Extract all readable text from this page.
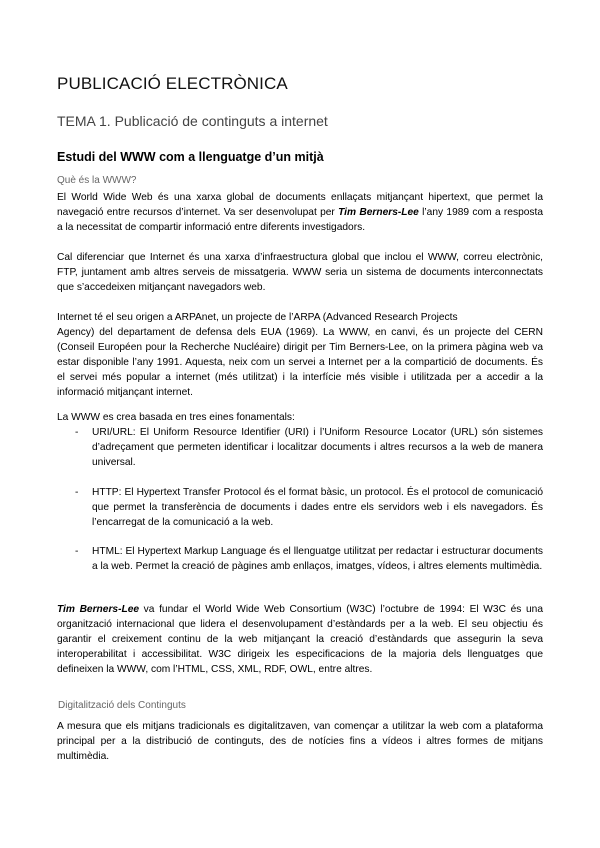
PUBLICACIÓ ELECTRÒNICA
TEMA 1. Publicació de continguts a internet
Estudi del WWW com a llenguatge d’un mitjà
Què és la WWW?

El World Wide Web és una xarxa global de documents enllaçats mitjançant hipertext, que permet la navegació entre recursos d’internet. Va ser desenvolupat per Tim Berners-Lee l’any 1989 com a resposta a la necessitat de compartir informació entre diferents investigadors.

Cal diferenciar que Internet és una xarxa d’infraestructura global que inclou el WWW, correu electrònic, FTP, juntament amb altres serveis de missatgeria. WWW seria un sistema de documents interconnectats que s’accedeixen mitjançant navegadors web.

Internet té el seu origen a ARPAnet, un projecte de l’ARPA (Advanced Research Projects
Agency) del departament de defensa dels EUA (1969). La WWW, en canvi, és un projecte del CERN (Conseil Européen pour la Recherche Nucléaire) dirigit per Tim Berners-Lee, on la primera pàgina web va estar disponible l’any 1991. Aquesta, neix com un servei a Internet per a la compartició de documents. És el servei més popular a internet (més utilitzat) i la interfície més visible i utilitzada per a accedir a la informació mitjançant internet.

La WWW es crea basada en tres eines fonamentals:

- URI/URL: El Uniform Resource Identifier (URI) i l’Uniform Resource Locator (URL) són sistemes d’adreçament que permeten identificar i localitzar documents i altres recursos a la web de manera universal.
- HTTP: El Hypertext Transfer Protocol és el format bàsic, un protocol. És el protocol de comunicació que permet la transferència de documents i dades entre els servidors web i els navegadors. És l’encarregat de la comunicació a la web.
- HTML: El Hypertext Markup Language és el llenguatge utilitzat per redactar i estructurar documents a la web. Permet la creació de pàgines amb enllaços, imatges, vídeos, i altres elements multimèdia.

Tim Berners-Lee va fundar el World Wide Web Consortium (W3C) l’octubre de 1994: El W3C és una organització internacional que lidera el desenvolupament d’estàndards per a la web. El seu objectiu és garantir el creixement continu de la web mitjançant la creació d’estàndards que assegurin la seva interoperabilitat i accessibilitat. W3C dirigeix les especificacions de la majoria dels llenguatges que defineixen la WWW, com l’HTML, CSS, XML, RDF, OWL, entre altres.

Digitalització dels Continguts

A mesura que els mitjans tradicionals es digitalitzaven, van començar a utilitzar la web com a plataforma principal per a la distribució de continguts, des de notícies fins a vídeos i altres formes de mitjans multimèdia.
